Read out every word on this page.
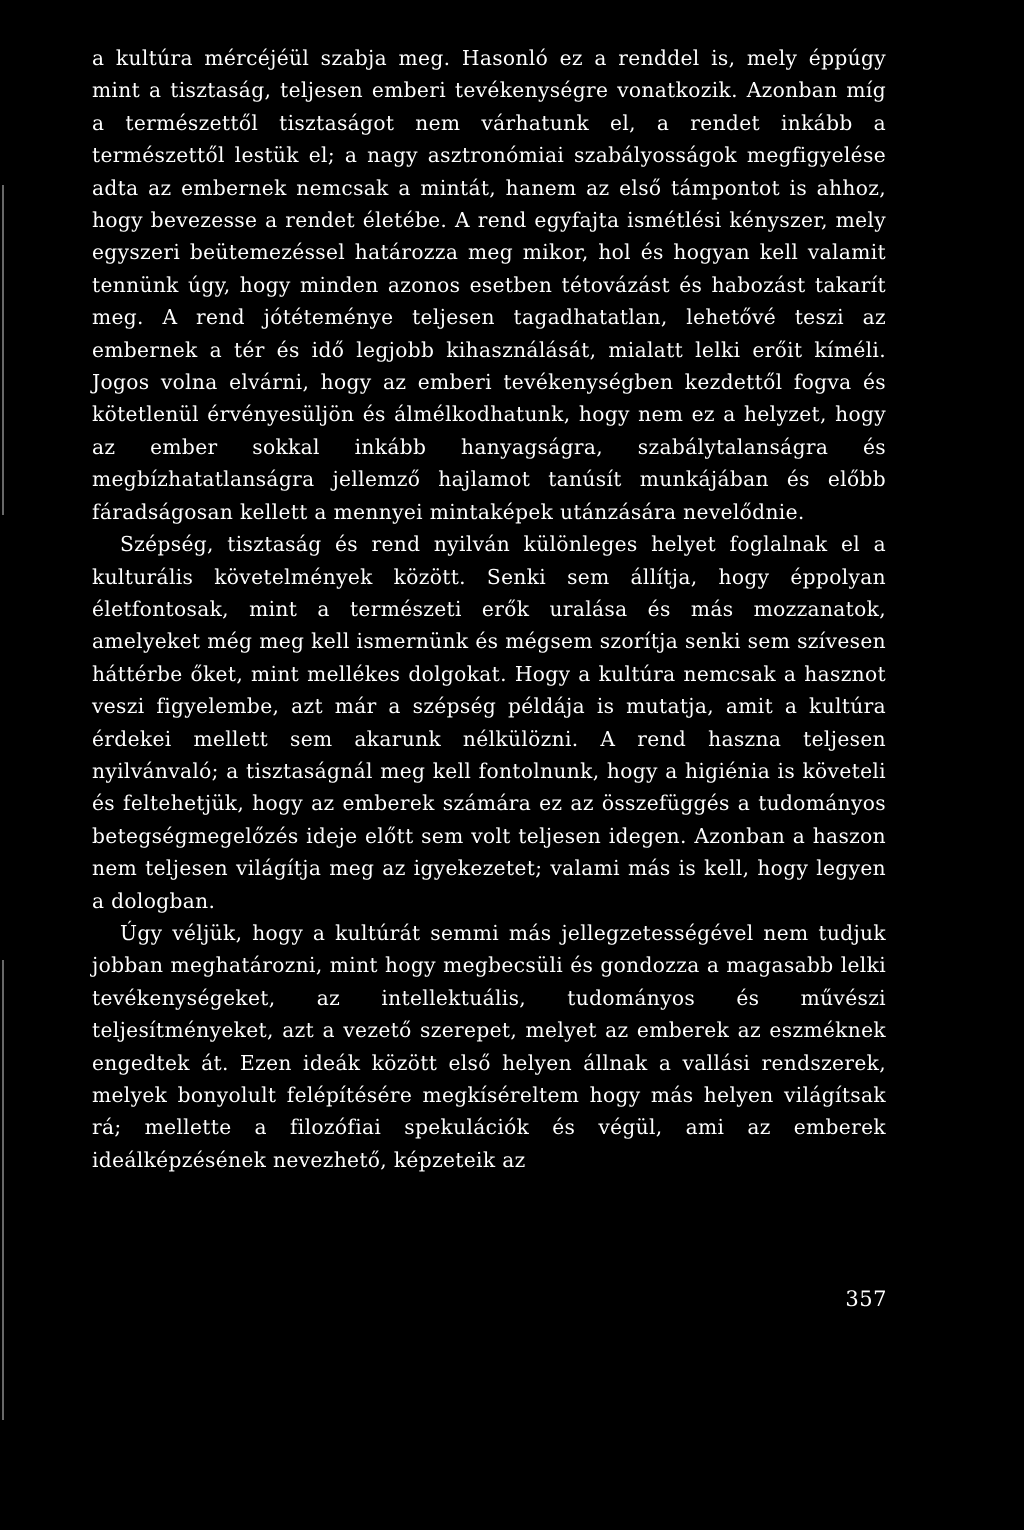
a kultúra mércéjéül szabja meg. Hasonló ez a renddel is, mely éppúgy mint a tisztaság, teljesen emberi tevékenységre vonatkozik. Azonban míg a természettől tisztaságot nem várhatunk el, a rendet inkább a természettől lestük el; a nagy asztronómiai szabályosságok megfigyelése adta az embernek nemcsak a mintát, hanem az első támpontot is ahhoz, hogy bevezesse a rendet életébe. A rend egyfajta ismétlési kényszer, mely egyszeri beütemezéssel határozza meg mikor, hol és hogyan kell valamit tennünk úgy, hogy minden azonos esetben tétovázást és habozást takarít meg. A rend jótéteménye teljesen tagadhatatlan, lehetővé teszi az embernek a tér és idő legjobb kihasználását, mialatt lelki erőit kíméli. Jogos volna elvárni, hogy az emberi tevékenységben kezdettől fogva és kötetlenül érvényesüljön és álmélkodhatunk, hogy nem ez a helyzet, hogy az ember sokkal inkább hanyagságra, szabálytalanságra és megbízhatatlanságra jellemző hajlamot tanúsít munkájában és előbb fáradságosan kellett a mennyei mintaképek utánzására nevelődnie.

Szépség, tisztaság és rend nyilván különleges helyet foglalnak el a kulturális követelmények között. Senki sem állítja, hogy éppolyan életfontosak, mint a természeti erők uralása és más mozzanatok, amelyeket még meg kell ismernünk és mégsem szorítja senki sem szívesen háttérbe őket, mint mellékes dolgokat. Hogy a kultúra nemcsak a hasznot veszi figyelembe, azt már a szépség példája is mutatja, amit a kultúra érdekei mellett sem akarunk nélkülözni. A rend haszna teljesen nyilvánvaló; a tisztaságnál meg kell fontolnunk, hogy a higiénia is követeli és feltehetjük, hogy az emberek számára ez az összefüggés a tudományos betegségmegelőzés ideje előtt sem volt teljesen idegen. Azonban a haszon nem teljesen világítja meg az igyekezetet; valami más is kell, hogy legyen a dologban.

Úgy véljük, hogy a kultúrát semmi más jellegzetességével nem tudjuk jobban meghatározni, mint hogy megbecsüli és gondozza a magasabb lelki tevékenységeket, az intellektuális, tudományos és művészi teljesítményeket, azt a vezető szerepet, melyet az emberek az eszméknek engedtek át. Ezen ideák között első helyen állnak a vallási rendszerek, melyek bonyolult felépítésére megkíséreltem hogy más helyen világítsak rá; mellette a filozófiai spekulációk és végül, ami az emberek ideálképzésének nevezhető, képzeteik az

357
